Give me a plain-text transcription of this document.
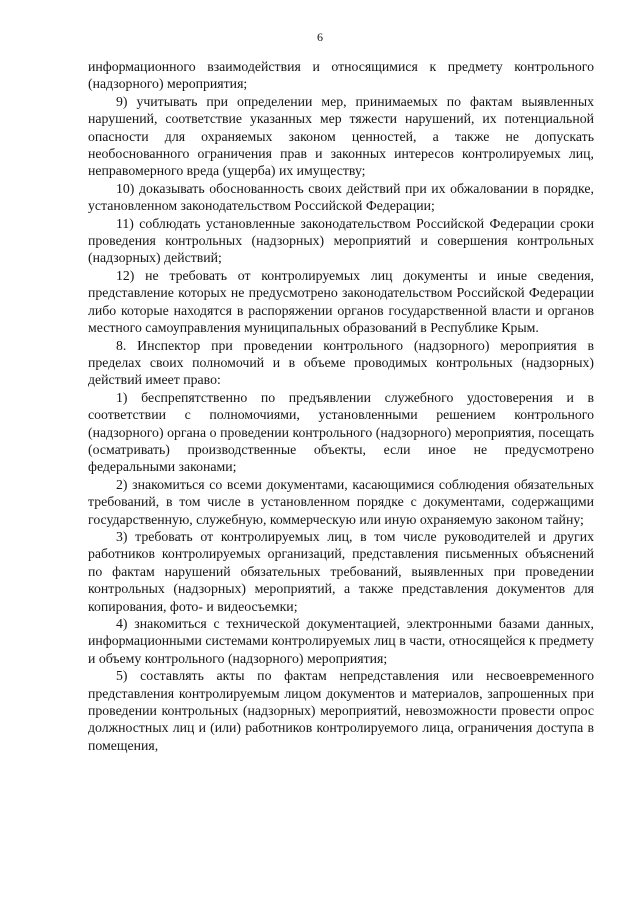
6

информационного взаимодействия и относящимися к предмету контрольного (надзорного) мероприятия;

9) учитывать при определении мер, принимаемых по фактам выявленных нарушений, соответствие указанных мер тяжести нарушений, их потенциальной опасности для охраняемых законом ценностей, а также не допускать необоснованного ограничения прав и законных интересов контролируемых лиц, неправомерного вреда (ущерба) их имуществу;

10) доказывать обоснованность своих действий при их обжаловании в порядке, установленном законодательством Российской Федерации;

11) соблюдать установленные законодательством Российской Федерации сроки проведения контрольных (надзорных) мероприятий и совершения контрольных (надзорных) действий;

12) не требовать от контролируемых лиц документы и иные сведения, представление которых не предусмотрено законодательством Российской Федерации либо которые находятся в распоряжении органов государственной власти и органов местного самоуправления муниципальных образований в Республике Крым.

8. Инспектор при проведении контрольного (надзорного) мероприятия в пределах своих полномочий и в объеме проводимых контрольных (надзорных) действий имеет право:

1) беспрепятственно по предъявлении служебного удостоверения и в соответствии с полномочиями, установленными решением контрольного (надзорного) органа о проведении контрольного (надзорного) мероприятия, посещать (осматривать) производственные объекты, если иное не предусмотрено федеральными законами;

2) знакомиться со всеми документами, касающимися соблюдения обязательных требований, в том числе в установленном порядке с документами, содержащими государственную, служебную, коммерческую или иную охраняемую законом тайну;

3) требовать от контролируемых лиц, в том числе руководителей и других работников контролируемых организаций, представления письменных объяснений по фактам нарушений обязательных требований, выявленных при проведении контрольных (надзорных) мероприятий, а также представления документов для копирования, фото- и видеосъемки;

4) знакомиться с технической документацией, электронными базами данных, информационными системами контролируемых лиц в части, относящейся к предмету и объему контрольного (надзорного) мероприятия;

5) составлять акты по фактам непредставления или несвоевременного представления контролируемым лицом документов и материалов, запрошенных при проведении контрольных (надзорных) мероприятий, невозможности провести опрос должностных лиц и (или) работников контролируемого лица, ограничения доступа в помещения,
